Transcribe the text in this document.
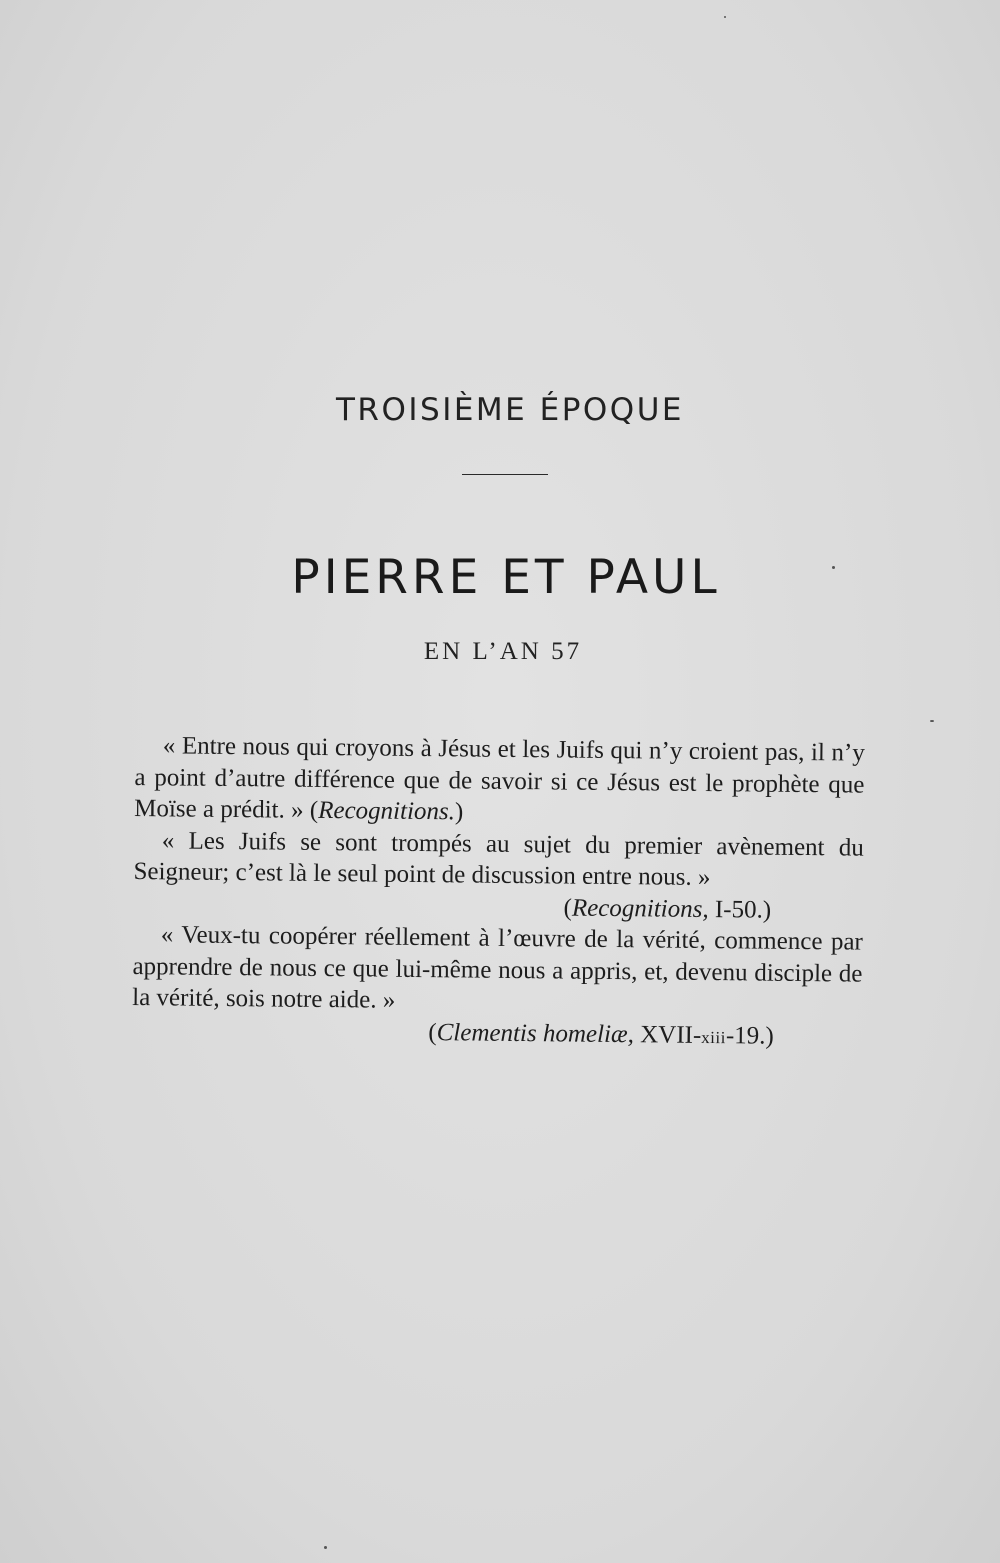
TROISIÈME ÉPOQUE
PIERRE ET PAUL
EN L’AN 57

« Entre nous qui croyons à Jésus et les Juifs qui n’y croient pas, il n’y a point d’autre différence que de savoir si ce Jésus est le prophète que Moïse a prédit. » (Recognitions.)

« Les Juifs se sont trompés au sujet du premier avènement du Seigneur; c’est là le seul point de discussion entre nous. »

(Recognitions, I-50.)

« Veux-tu coopérer réellement à l’œuvre de la vérité, commence par apprendre de nous ce que lui-même nous a appris, et, devenu disciple de la vérité, sois notre aide. »

(Clementis homeliæ, XVII-xiii-19.)
